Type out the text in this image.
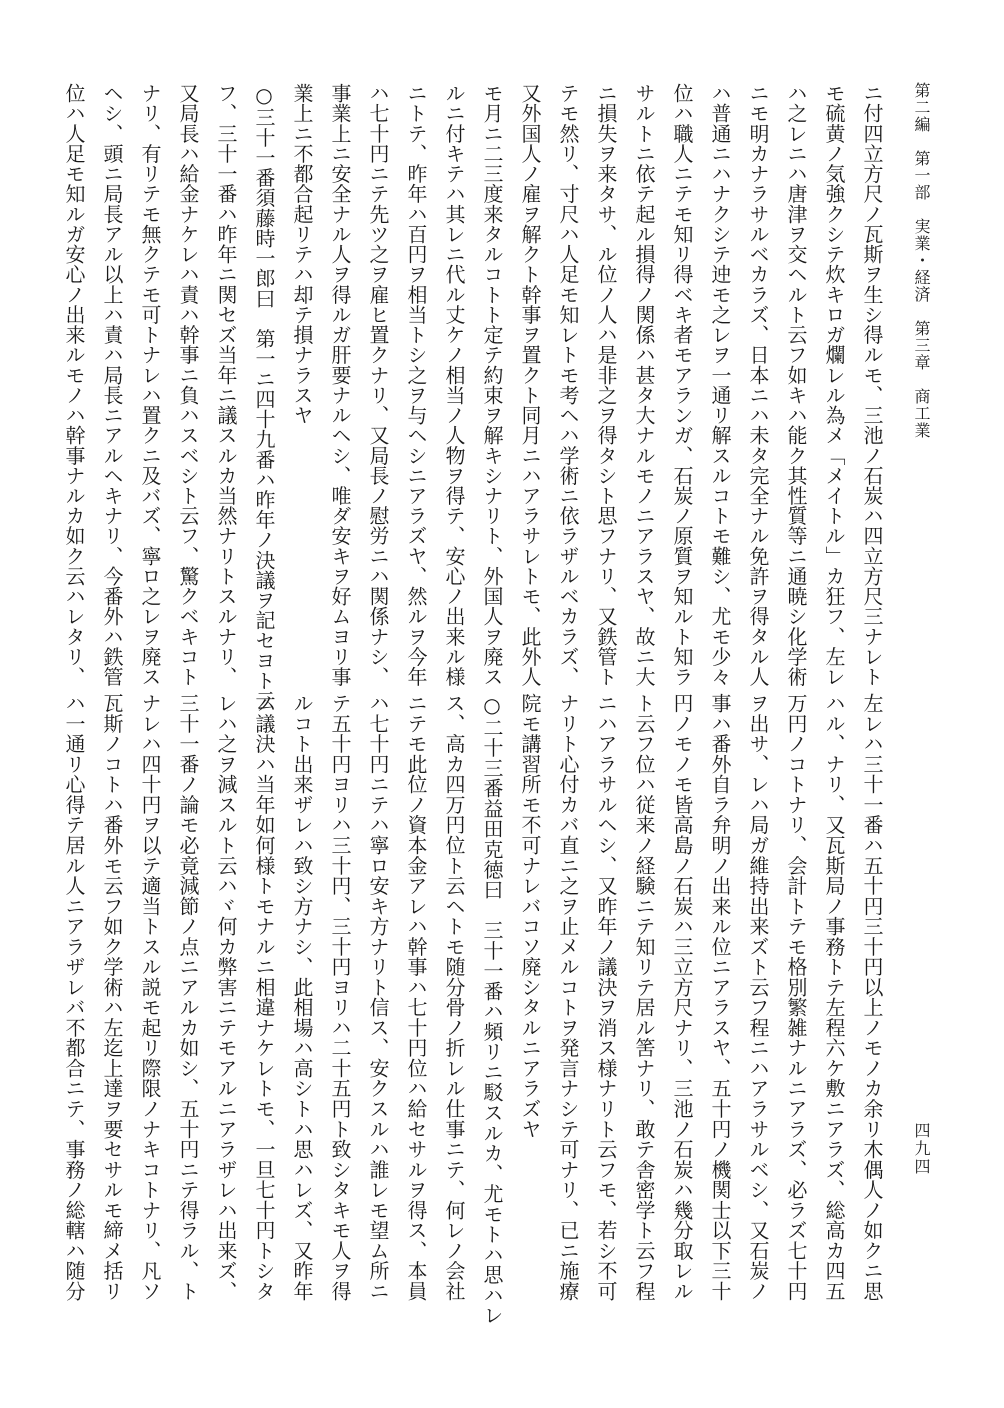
第二編　第一部　実業・経済　第三章　商工業
四九四
ニ付四立方尺ノ瓦斯ヲ生シ得ルモ、三池ノ石炭ハ四立方尺三ナレト
モ硫黄ノ気強クシテ炊キロガ爛レル為メ「メイトル」カ狂フ、左レ
ハ之レニハ唐津ヲ交ヘルト云フ如キハ能ク其性質等ニ通暁シ化学術
ニモ明カナラサルベカラズ、日本ニハ未タ完全ナル免許ヲ得タル人
ハ普通ニハナクシテ迚モ之レヲ一通リ解スルコトモ難シ、尤モ少々
位ハ職人ニテモ知リ得ベキ者モアランガ、石炭ノ原質ヲ知ルト知ラ
サルトニ依テ起ル損得ノ関係ハ甚タ大ナルモノニアラスヤ、故ニ大
ニ損失ヲ来タサ、ル位ノ人ハ是非之ヲ得タシト思フナリ、又鉄管ト
テモ然リ、寸尺ハ人足モ知レトモ考ヘハ学術ニ依ラザルベカラズ、
又外国人ノ雇ヲ解クト幹事ヲ置クト同月ニハアラサレトモ、此外人
モ月ニ二三度来タルコトト定テ約束ヲ解キシナリト、外国人ヲ廃ス
ルニ付キテハ其レニ代ル丈ケノ相当ノ人物ヲ得テ、安心ノ出来ル様
ニトテ、昨年ハ百円ヲ相当トシ之ヲ与ヘシニアラズヤ、然ルヲ今年
ハ七十円ニテ先ツ之ヲ雇ヒ置クナリ、又局長ノ慰労ニハ関係ナシ、
事業上ニ安全ナル人ヲ得ルガ肝要ナルヘシ、唯ダ安キヲ好ムヨリ事
業上ニ不都合起リテハ却テ損ナラスヤ
○三十一番須藤時一郎曰　第一ニ四十九番ハ昨年ノ決議ヲ記セヨト云
フ、三十一番ハ昨年ニ関セズ当年ニ議スルカ当然ナリトスルナリ、
又局長ハ給金ナケレハ責ハ幹事ニ負ハスベシト云フ、驚クベキコト
ナリ、有リテモ無クテモ可トナレハ置クニ及バズ、寧ロ之レヲ廃ス
ヘシ、頭ニ局長アル以上ハ責ハ局長ニアルヘキナリ、今番外ハ鉄管
位ハ人足モ知ルガ安心ノ出来ルモノハ幹事ナルカ如ク云ハレタリ、
左レハ三十一番ハ五十円三十円以上ノモノカ余リ木偶人ノ如クニ思
ハル、ナリ、又瓦斯局ノ事務トテ左程六ケ敷ニアラズ、総高カ四五
万円ノコトナリ、会計トテモ格別繁雑ナルニアラズ、必ラズ七十円
ヲ出サ、レハ局ガ維持出来ズト云フ程ニハアラサルベシ、又石炭ノ
事ハ番外自ラ弁明ノ出来ル位ニアラスヤ、五十円ノ機関士以下三十
円ノモノモ皆高島ノ石炭ハ三立方尺ナリ、三池ノ石炭ハ幾分取レル
ト云フ位ハ従来ノ経験ニテ知リテ居ル筈ナリ、敢テ舎密学ト云フ程
ニハアラサルヘシ、又昨年ノ議決ヲ消ス様ナリト云フモ、若シ不可
ナリト心付カバ直ニ之ヲ止メルコトヲ発言ナシテ可ナリ、已ニ施療
院モ講習所モ不可ナレバコソ廃シタルニアラズヤ
○二十三番益田克徳曰　三十一番ハ頻リニ駁スルカ、尤モトハ思ハレ
ス、高カ四万円位ト云ヘトモ随分骨ノ折レル仕事ニテ、何レノ会社
ニテモ此位ノ資本金アレハ幹事ハ七十円位ハ給セサルヲ得ス、本員
ハ七十円ニテハ寧ロ安キ方ナリト信ス、安クスルハ誰レモ望ム所ニ
テ五十円ヨリハ三十円、三十円ヨリハ二十五円ト致シタキモ人ヲ得
ルコト出来ザレハ致シ方ナシ、此相場ハ高シトハ思ハレズ、又昨年
ノ議決ハ当年如何様トモナルニ相違ナケレトモ、一旦七十円トシタ
レハ之ヲ減スルト云ハヾ何カ弊害ニテモアルニアラザレハ出来ズ、
三十一番ノ論モ必竟減節ノ点ニアルカ如シ、五十円ニテ得ラル、ト
ナレハ四十円ヲ以テ適当トスル説モ起リ際限ノナキコトナリ、凡ソ
瓦斯ノコトハ番外モ云フ如ク学術ハ左迄上達ヲ要セサルモ締メ括リ
ハ一通リ心得テ居ル人ニアラザレバ不都合ニテ、事務ノ総轄ハ随分
